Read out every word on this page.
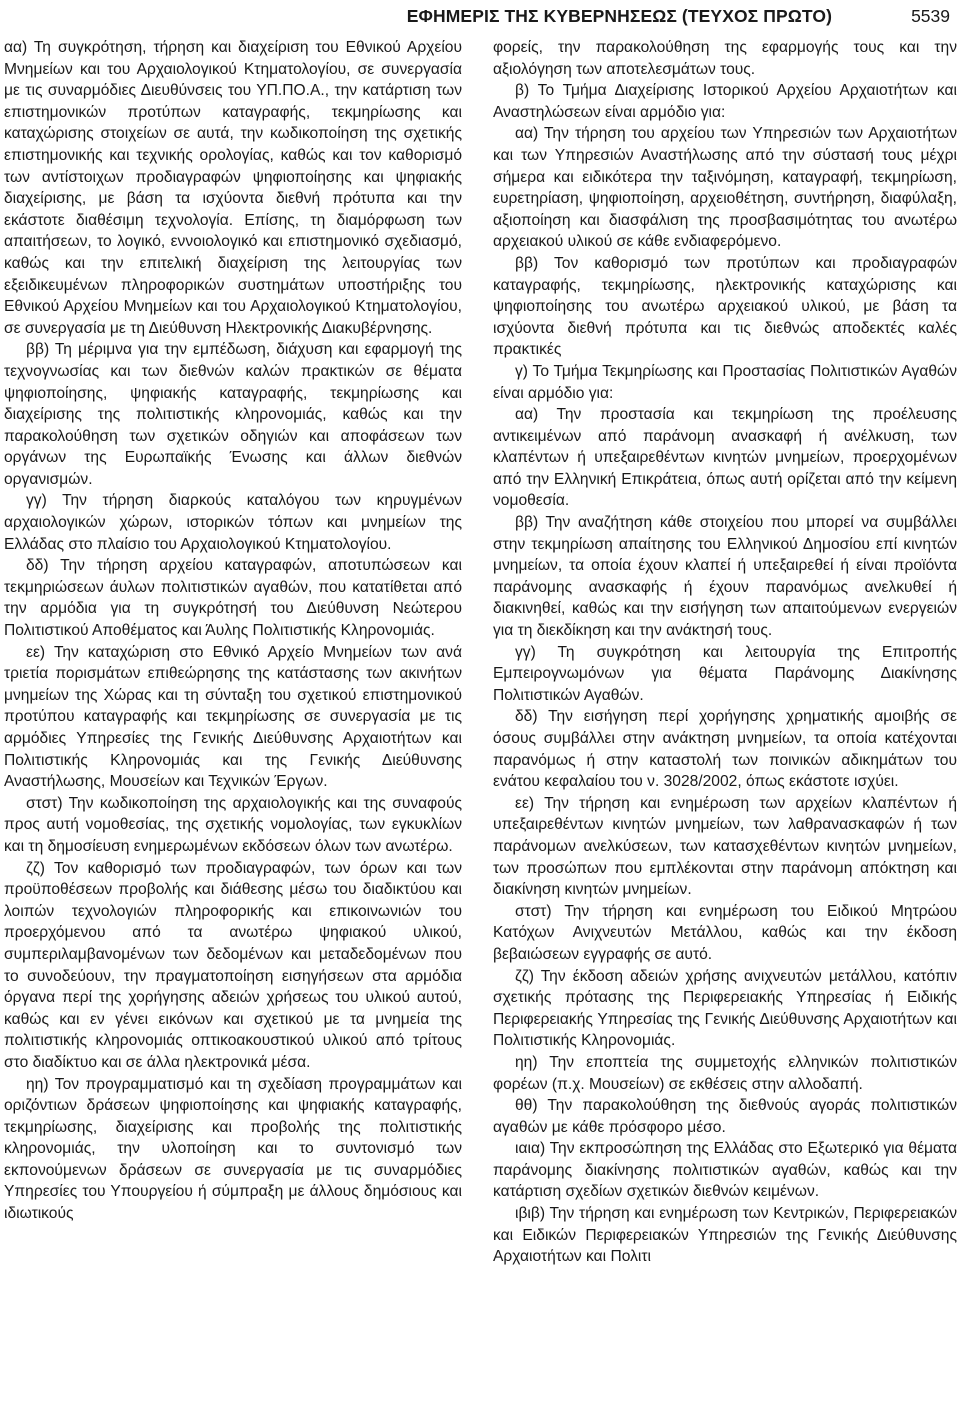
ΕΦΗΜΕΡΙΣ ΤΗΣ ΚΥΒΕΡΝΗΣΕΩΣ (ΤΕΥΧΟΣ ΠΡΩΤΟ)	5539

αα) Τη συγκρότηση, τήρηση και διαχείριση του Εθνικού Αρχείου Μνημείων και του Αρχαιολογικού Κτηματολογίου, σε συνεργασία με τις συναρμόδιες Διευθύνσεις του ΥΠ.ΠΟ.Α., την κατάρτιση των επιστημονικών προτύπων καταγραφής, τεκμηρίωσης και καταχώρισης στοιχείων σε αυτά, την κωδικοποίηση της σχετικής επιστημονικής και τεχνικής ορολογίας, καθώς και τον καθορισμό των αντίστοιχων προδιαγραφών ψηφιοποίησης και ψηφιακής διαχείρισης, με βάση τα ισχύοντα διεθνή πρότυπα και την εκάστοτε διαθέσιμη τεχνολογία. Επίσης, τη διαμόρφωση των απαιτήσεων, το λογικό, εννοιολογικό και επιστημονικό σχεδιασμό, καθώς και την επιτελική διαχείριση της λειτουργίας των εξειδικευμένων πληροφορικών συστημάτων υποστήριξης του Εθνικού Αρχείου Μνημείων και του Αρχαιολογικού Κτηματολογίου, σε συνεργασία με τη Διεύθυνση Ηλεκτρονικής Διακυβέρνησης.

ββ) Τη μέριμνα για την εμπέδωση, διάχυση και εφαρμογή της τεχνογνωσίας και των διεθνών καλών πρακτικών σε θέματα ψηφιοποίησης, ψηφιακής καταγραφής, τεκμηρίωσης και διαχείρισης της πολιτιστικής κληρονομιάς, καθώς και την παρακολούθηση των σχετικών οδηγιών και αποφάσεων των οργάνων της Ευρωπαϊκής Ένωσης και άλλων διεθνών οργανισμών.

γγ) Την τήρηση διαρκούς καταλόγου των κηρυγμένων αρχαιολογικών χώρων, ιστορικών τόπων και μνημείων της Ελλάδας στο πλαίσιο του Αρχαιολογικού Κτηματολογίου.

δδ) Την τήρηση αρχείου καταγραφών, αποτυπώσεων και τεκμηριώσεων άυλων πολιτιστικών αγαθών, που κατατίθεται από την αρμόδια για τη συγκρότησή του Διεύθυνση Νεώτερου Πολιτιστικού Αποθέματος και Άυλης Πολιτιστικής Κληρονομιάς.

εε) Την καταχώριση στο Εθνικό Αρχείο Μνημείων των ανά τριετία πορισμάτων επιθεώρησης της κατάστασης των ακινήτων μνημείων της Χώρας και τη σύνταξη του σχετικού επιστημονικού προτύπου καταγραφής και τεκμηρίωσης σε συνεργασία με τις αρμόδιες Υπηρεσίες της Γενικής Διεύθυνσης Αρχαιοτήτων και Πολιτιστικής Κληρονομιάς και της Γενικής Διεύθυνσης Αναστήλωσης, Μουσείων και Τεχνικών Έργων.

στστ) Την κωδικοποίηση της αρχαιολογικής και της συναφούς προς αυτή νομοθεσίας, της σχετικής νομολογίας, των εγκυκλίων και τη δημοσίευση ενημερωμένων εκδόσεων όλων των ανωτέρω.

ζζ) Τον καθορισμό των προδιαγραφών, των όρων και των προϋποθέσεων προβολής και διάθεσης μέσω του διαδικτύου και λοιπών τεχνολογιών πληροφορικής και επικοινωνιών του προερχόμενου από τα ανωτέρω ψηφιακού υλικού, συμπεριλαμβανομένων των δεδομένων και μεταδεδομένων που το συνοδεύουν, την πραγματοποίηση εισηγήσεων στα αρμόδια όργανα περί της χορήγησης αδειών χρήσεως του υλικού αυτού, καθώς και εν γένει εικόνων και σχετικού με τα μνημεία της πολιτιστικής κληρονομιάς οπτικοακουστικού υλικού από τρίτους στο διαδίκτυο και σε άλλα ηλεκτρονικά μέσα.

ηη) Τον προγραμματισμό και τη σχεδίαση προγραμμάτων και οριζόντιων δράσεων ψηφιοποίησης και ψηφιακής καταγραφής, τεκμηρίωσης, διαχείρισης και προβολής της πολιτιστικής κληρονομιάς, την υλοποίηση και το συντονισμό των εκπονούμενων δράσεων σε συνεργασία με τις συναρμόδιες Υπηρεσίες του Υπουργείου ή σύμπραξη με άλλους δημόσιους και ιδιωτικούς

φορείς, την παρακολούθηση της εφαρμογής τους και την αξιολόγηση των αποτελεσμάτων τους.

β) Το Τμήμα Διαχείρισης Ιστορικού Αρχείου Αρχαιοτήτων και Αναστηλώσεων είναι αρμόδιο για:

αα) Την τήρηση του αρχείου των Υπηρεσιών των Αρχαιοτήτων και των Υπηρεσιών Αναστήλωσης από την σύστασή τους μέχρι σήμερα και ειδικότερα την ταξινόμηση, καταγραφή, τεκμηρίωση, ευρετηρίαση, ψηφιοποίηση, αρχειοθέτηση, συντήρηση, διαφύλαξη, αξιοποίηση και διασφάλιση της προσβασιμότητας του ανωτέρω αρχειακού υλικού σε κάθε ενδιαφερόμενο.

ββ) Τον καθορισμό των προτύπων και προδιαγραφών καταγραφής, τεκμηρίωσης, ηλεκτρονικής καταχώρισης και ψηφιοποίησης του ανωτέρω αρχειακού υλικού, με βάση τα ισχύοντα διεθνή πρότυπα και τις διεθνώς αποδεκτές καλές πρακτικές

γ) Το Τμήμα Τεκμηρίωσης και Προστασίας Πολιτιστικών Αγαθών είναι αρμόδιο για:

αα) Την προστασία και τεκμηρίωση της προέλευσης αντικειμένων από παράνομη ανασκαφή ή ανέλκυση, των κλαπέντων ή υπεξαιρεθέντων κινητών μνημείων, προερχομένων από την Ελληνική Επικράτεια, όπως αυτή ορίζεται από την κείμενη νομοθεσία.

ββ) Την αναζήτηση κάθε στοιχείου που μπορεί να συμβάλλει στην τεκμηρίωση απαίτησης του Ελληνικού Δημοσίου επί κινητών μνημείων, τα οποία έχουν κλαπεί ή υπεξαιρεθεί ή είναι προϊόντα παράνομης ανασκαφής ή έχουν παρανόμως ανελκυθεί ή διακινηθεί, καθώς και την εισήγηση των απαιτούμενων ενεργειών για τη διεκδίκηση και την ανάκτησή τους.

γγ) Τη συγκρότηση και λειτουργία της Επιτροπής Εμπειρογνωμόνων για θέματα Παράνομης Διακίνησης Πολιτιστικών Αγαθών.

δδ) Την εισήγηση περί χορήγησης χρηματικής αμοιβής σε όσους συμβάλλει στην ανάκτηση μνημείων, τα οποία κατέχονται παρανόμως ή στην καταστολή των ποινικών αδικημάτων του ενάτου κεφαλαίου του ν. 3028/2002, όπως εκάστοτε ισχύει.

εε) Την τήρηση και ενημέρωση των αρχείων κλαπέντων ή υπεξαιρεθέντων κινητών μνημείων, των λαθρανασκαφών ή των παράνομων ανελκύσεων, των κατασχεθέντων κινητών μνημείων, των προσώπων που εμπλέκονται στην παράνομη απόκτηση και διακίνηση κινητών μνημείων.

στστ) Την τήρηση και ενημέρωση του Ειδικού Μητρώου Κατόχων Ανιχνευτών Μετάλλου, καθώς και την έκδοση βεβαιώσεων εγγραφής σε αυτό.

ζζ) Την έκδοση αδειών χρήσης ανιχνευτών μετάλλου, κατόπιν σχετικής πρότασης της Περιφερειακής Υπηρεσίας ή Ειδικής Περιφερειακής Υπηρεσίας της Γενικής Διεύθυνσης Αρχαιοτήτων και Πολιτιστικής Κληρονομιάς.

ηη) Την εποπτεία της συμμετοχής ελληνικών πολιτιστικών φορέων (π.χ. Μουσείων) σε εκθέσεις στην αλλοδαπή.

θθ) Την παρακολούθηση της διεθνούς αγοράς πολιτιστικών αγαθών με κάθε πρόσφορο μέσο.

ιαια) Την εκπροσώπηση της Ελλάδας στο Εξωτερικό για θέματα παράνομης διακίνησης πολιτιστικών αγαθών, καθώς και την κατάρτιση σχεδίων σχετικών διεθνών κειμένων.

ιβιβ) Την τήρηση και ενημέρωση των Κεντρικών, Περιφερειακών και Ειδικών Περιφερειακών Υπηρεσιών της Γενικής Διεύθυνσης Αρχαιοτήτων και Πολιτι
